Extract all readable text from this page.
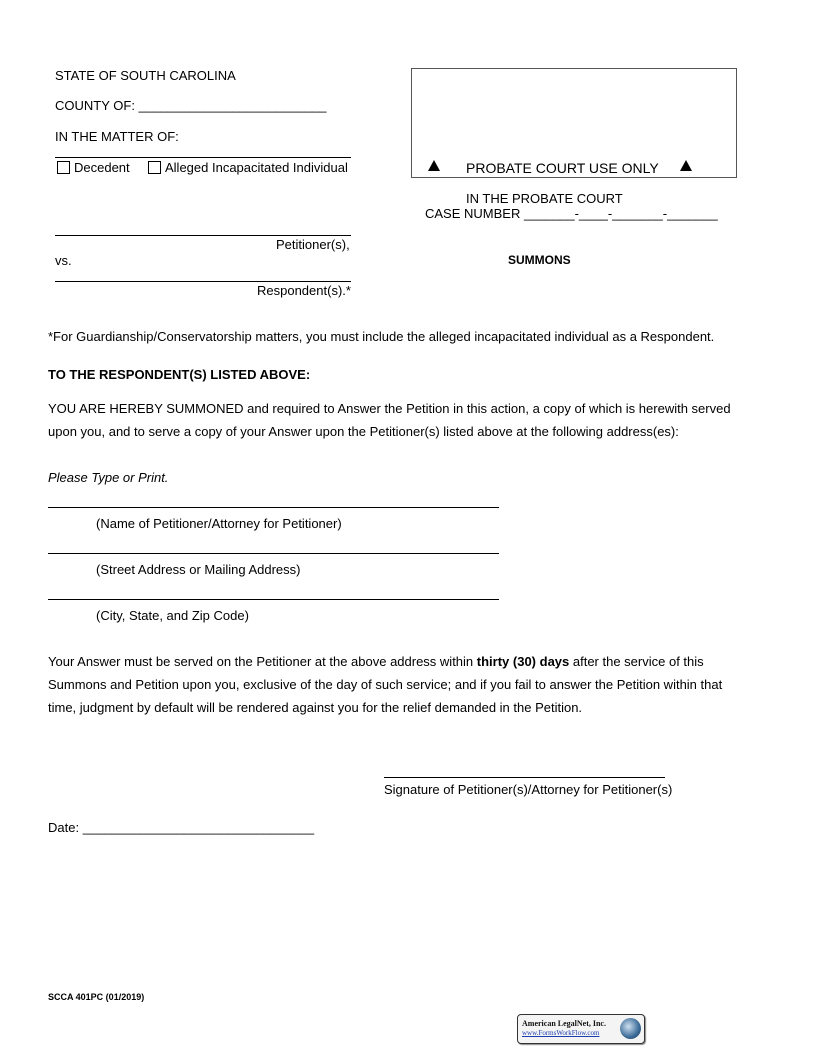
STATE OF SOUTH CAROLINA
COUNTY OF: __________________________
IN THE MATTER OF:
Decedent	Alleged Incapacitated Individual
Petitioner(s),
vs.
Respondent(s).*
PROBATE COURT USE ONLY
IN THE PROBATE COURT
CASE NUMBER _______-____-_______-_______
SUMMONS
*For Guardianship/Conservatorship matters, you must include the alleged incapacitated individual as a Respondent.
TO THE RESPONDENT(S) LISTED ABOVE:
YOU ARE HEREBY SUMMONED and required to Answer the Petition in this action, a copy of which is herewith served
upon you, and to serve a copy of your Answer upon the Petitioner(s) listed above at the following address(es):
Please Type or Print.
(Name of Petitioner/Attorney for Petitioner)
(Street Address or Mailing Address)
(City, State, and Zip Code)
Your Answer must be served on the Petitioner at the above address within thirty (30) days after the service of this
Summons and Petition upon you, exclusive of the day of such service; and if you fail to answer the Petition within that
time, judgment by default will be rendered against you for the relief demanded in the Petition.
Signature of Petitioner(s)/Attorney for Petitioner(s)
Date: ________________________________
SCCA 401PC (01/2019)
American LegalNet, Inc.
www.FormsWorkFlow.com
